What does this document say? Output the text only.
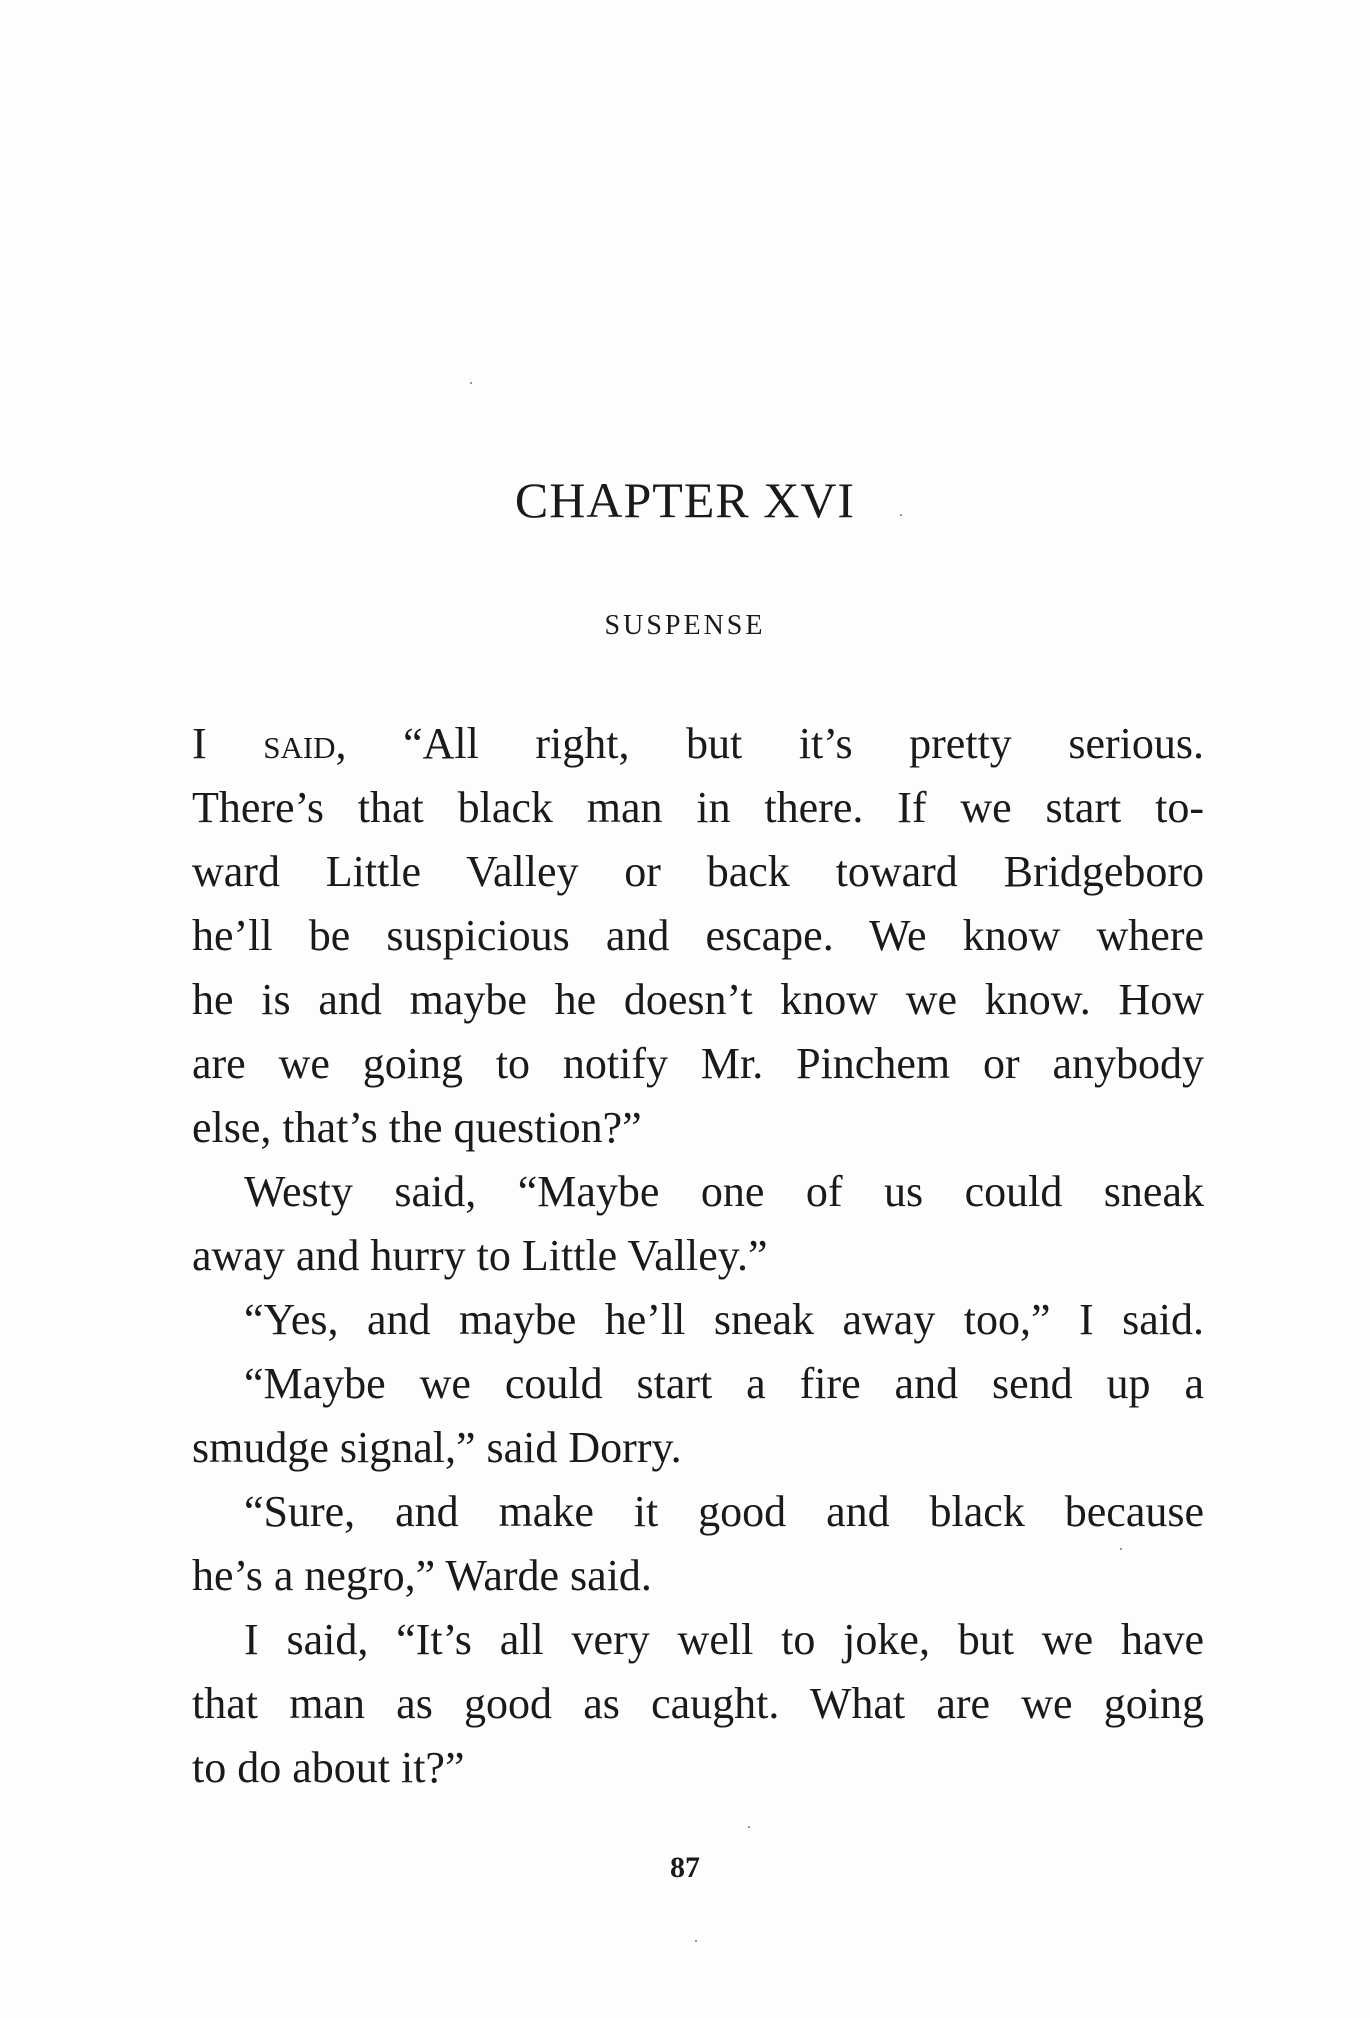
CHAPTER XVI
SUSPENSE
I said, “All right, but it’s pretty serious.
There’s that black man in there. If we start to-
ward Little Valley or back toward Bridgeboro
he’ll be suspicious and escape. We know where
he is and maybe he doesn’t know we know. How
are we going to notify Mr. Pinchem or anybody
else, that’s the question?”
Westy said, “Maybe one of us could sneak
away and hurry to Little Valley.”
“Yes, and maybe he’ll sneak away too,” I said.
“Maybe we could start a fire and send up a
smudge signal,” said Dorry.
“Sure, and make it good and black because
he’s a negro,” Warde said.
I said, “It’s all very well to joke, but we have
that man as good as caught. What are we going
to do about it?”
87
